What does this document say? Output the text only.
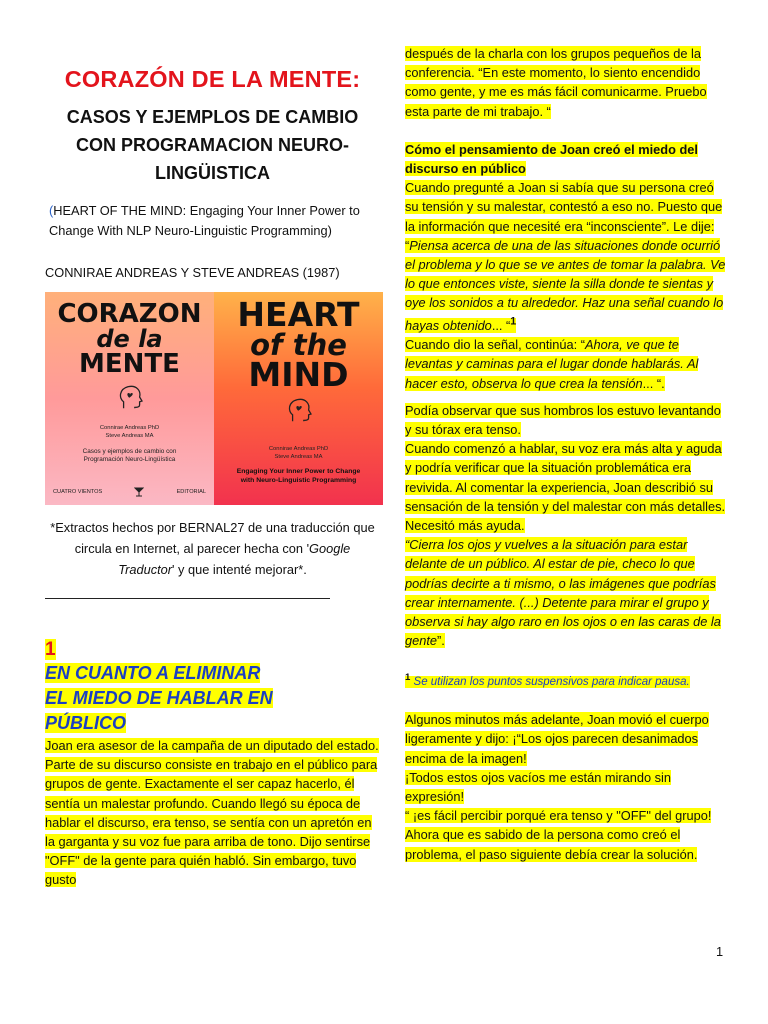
CORAZÓN DE LA MENTE:
CASOS Y EJEMPLOS DE CAMBIO
CON PROGRAMACION NEURO-
LINGÜISTICA
(HEART OF THE MIND: Engaging Your Inner Power to Change With NLP Neuro-Linguistic Programming)
CONNIRAE ANDREAS Y STEVE ANDREAS (1987)
CORAZON
de la
MENTE
Connirae Andreas PhD
Steve Andreas MA
Casos y ejemplos de cambio con
Programación Neuro-Lingüística
CUATRO VIENTOS	EDITORIAL
HEART
of the
MIND
Connirae Andreas PhD
Steve Andreas MA
Engaging Your Inner Power to Change
with Neuro-Linguistic Programming
*Extractos hechos por BERNAL27 de una traducción que circula en Internet, al parecer hecha con 'Google Traductor' y que intenté mejorar*.
1
EN CUANTO A ELIMINAR
EL MIEDO DE HABLAR EN
PÚBLICO

Joan era asesor de la campaña de un diputado del estado. Parte de su discurso consiste en trabajo en el público para grupos de gente. Exactamente el ser capaz hacerlo, él sentía un malestar profundo. Cuando llegó su época de hablar el discurso, era tenso, se sentía con un apretón en la garganta y su voz fue para arriba de tono. Dijo sentirse "OFF" de la gente para quién habló. Sin embargo, tuvo gusto

después de la charla con los grupos pequeños de la conferencia. “En este momento, lo siento encendido como gente, y me es más fácil comunicarme. Pruebo esta parte de mi trabajo. “

Cómo el pensamiento de Joan creó el miedo del discurso en público

Cuando pregunté a Joan si sabía que su persona creó su tensión y su malestar, contestó a eso no. Puesto que la información que necesité era “inconsciente”. Le dije: “Piensa acerca de una de las situaciones donde ocurrió el problema y lo que se ve antes de tomar la palabra. Ve lo que entonces viste, siente la silla donde te sientas y oye los sonidos a tu alrededor. Haz una señal cuando lo hayas obtenido... “$^1$

Cuando dio la señal, continúa: “Ahora, ve que te levantas y caminas para el lugar donde hablarás. Al hacer esto, observa lo que crea la tensión... “.

Podía observar que sus hombros los estuvo levantando y su tórax era tenso.

Cuando comenzó a hablar, su voz era más alta y aguda y podría verificar que la situación problemática era revivida. Al comentar la experiencia, Joan describió su sensación de la tensión y del malestar con más detalles.

Necesitó más ayuda.

“Cierra los ojos y vuelves a la situación para estar delante de un público. Al estar de pie, checo lo que podrías decirte a ti mismo, o las imágenes que podrías crear internamente. (...) Detente para mirar el grupo y observa si hay algo raro en los ojos o en las caras de la gente”.

$^1$ Se utilizan los puntos suspensivos para indicar pausa.

Algunos minutos más adelante, Joan movió el cuerpo ligeramente y dijo: ¡“Los ojos parecen desanimados encima de la imagen!

¡Todos estos ojos vacíos me están mirando sin expresión!

“ ¡es fácil percibir porqué era tenso y "OFF" del grupo! Ahora que es sabido de la persona como creó el problema, el paso siguiente debía crear la solución.

1
